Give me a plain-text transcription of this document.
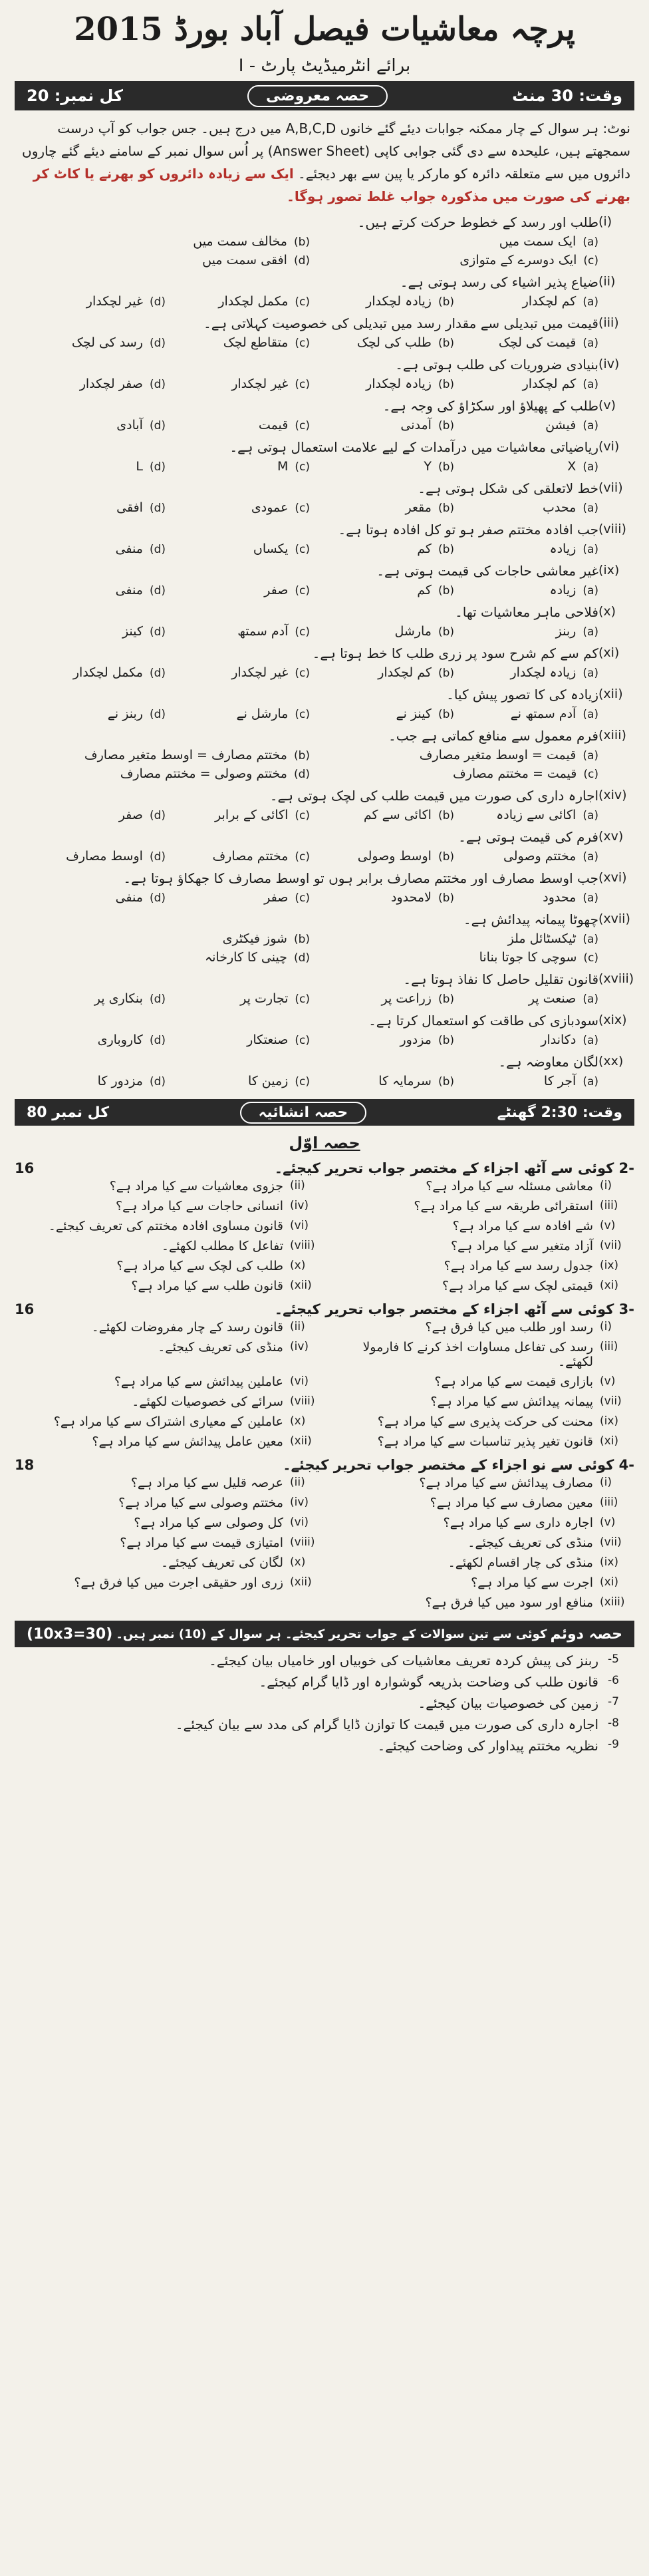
پرچہ معاشیات فیصل آباد بورڈ 2015
برائے انٹرمیڈیٹ پارٹ - I
وقت: 30 منٹ
حصہ معروضی
کل نمبر: 20
نوٹ: ہر سوال کے چار ممکنہ جوابات دیئے گئے خانوں A,B,C,D میں درج ہیں۔ جس جواب کو آپ درست سمجھتے ہیں، علیحدہ سے دی گئی جوابی کاپی (Answer Sheet) پر اُس سوال نمبر کے سامنے دیئے گئے چاروں دائروں میں سے متعلقہ دائرہ کو مارکر یا پین سے بھر دیجئے۔ ایک سے زیادہ دائروں کو بھرنے یا کاٹ کر بھرنے کی صورت میں مذکورہ جواب غلط تصور ہوگا۔
(i)
طلب اور رسد کے خطوط حرکت کرتے ہیں۔
(a)
ایک سمت میں
(b)
مخالف سمت میں
(c)
ایک دوسرے کے متوازی
(d)
افقی سمت میں
(ii)
ضیاع پذیر اشیاء کی رسد ہوتی ہے۔
(a)
کم لچکدار
(b)
زیادہ لچکدار
(c)
مکمل لچکدار
(d)
غیر لچکدار
(iii)
قیمت میں تبدیلی سے مقدار رسد میں تبدیلی کی خصوصیت کہلاتی ہے۔
(a)
قیمت کی لچک
(b)
طلب کی لچک
(c)
متقاطع لچک
(d)
رسد کی لچک
(iv)
بنیادی ضروریات کی طلب ہوتی ہے۔
(a)
کم لچکدار
(b)
زیادہ لچکدار
(c)
غیر لچکدار
(d)
صفر لچکدار
(v)
طلب کے پھیلاؤ اور سکڑاؤ کی وجہ ہے۔
(a)
فیشن
(b)
آمدنی
(c)
قیمت
(d)
آبادی
(vi)
ریاضیاتی معاشیات میں درآمدات کے لیے علامت استعمال ہوتی ہے۔
(a)
X
(b)
Y
(c)
M
(d)
L
(vii)
خط لاتعلقی کی شکل ہوتی ہے۔
(a)
محدب
(b)
مقعر
(c)
عمودی
(d)
افقی
(viii)
جب افادہ مختتم صفر ہو تو کل افادہ ہوتا ہے۔
(a)
زیادہ
(b)
کم
(c)
یکساں
(d)
منفی
(ix)
غیر معاشی حاجات کی قیمت ہوتی ہے۔
(a)
زیادہ
(b)
کم
(c)
صفر
(d)
منفی
(x)
فلاحی ماہر معاشیات تھا۔
(a)
ربنز
(b)
مارشل
(c)
آدم سمتھ
(d)
کینز
(xi)
کم سے کم شرح سود پر زری طلب کا خط ہوتا ہے۔
(a)
زیادہ لچکدار
(b)
کم لچکدار
(c)
غیر لچکدار
(d)
مکمل لچکدار
(xii)
زیادہ کی کا تصور پیش کیا۔
(a)
آدم سمتھ نے
(b)
کینز نے
(c)
مارشل نے
(d)
ربنز نے
(xiii)
فرم معمول سے منافع کماتی ہے جب۔
(a)
قیمت = اوسط متغیر مصارف
(b)
مختتم مصارف = اوسط متغیر مصارف
(c)
قیمت = مختتم مصارف
(d)
مختتم وصولی = مختتم مصارف
(xiv)
اجارہ داری کی صورت میں قیمت طلب کی لچک ہوتی ہے۔
(a)
اکائی سے زیادہ
(b)
اکائی سے کم
(c)
اکائی کے برابر
(d)
صفر
(xv)
فرم کی قیمت ہوتی ہے۔
(a)
مختتم وصولی
(b)
اوسط وصولی
(c)
مختتم مصارف
(d)
اوسط مصارف
(xvi)
جب اوسط مصارف اور مختتم مصارف برابر ہوں تو اوسط مصارف کا جھکاؤ ہوتا ہے۔
(a)
محدود
(b)
لامحدود
(c)
صفر
(d)
منفی
(xvii)
چھوٹا پیمانہ پیدائش ہے۔
(a)
ٹیکسٹائل ملز
(b)
شوز فیکٹری
(c)
سوچی کا جوتا بنانا
(d)
چینی کا کارخانہ
(xviii)
قانون تقلیل حاصل کا نفاذ ہوتا ہے۔
(a)
صنعت پر
(b)
زراعت پر
(c)
تجارت پر
(d)
بنکاری پر
(xix)
سودبازی کی طاقت کو استعمال کرتا ہے۔
(a)
دکاندار
(b)
مزدور
(c)
صنعتکار
(d)
کاروباری
(xx)
لگان معاوضہ ہے۔
(a)
آجر کا
(b)
سرمایہ کا
(c)
زمین کا
(d)
مزدور کا
وقت: 2:30 گھنٹے
حصہ انشائیہ
کل نمبر 80
حصہ اوّل
-2 کوئی سے آٹھ اجزاء کے مختصر جواب تحریر کیجئے۔
16
(i)
معاشی مسئلہ سے کیا مراد ہے؟
(ii)
جزوی معاشیات سے کیا مراد ہے؟
(iii)
استقرائی طریقہ سے کیا مراد ہے؟
(iv)
انسانی حاجات سے کیا مراد ہے؟
(v)
شے افادہ سے کیا مراد ہے؟
(vi)
قانون مساوی افادہ مختتم کی تعریف کیجئے۔
(vii)
آزاد متغیر سے کیا مراد ہے؟
(viii)
تفاعل کا مطلب لکھئے۔
(ix)
جدول رسد سے کیا مراد ہے؟
(x)
طلب کی لچک سے کیا مراد ہے؟
(xi)
قیمتی لچک سے کیا مراد ہے؟
(xii)
قانون طلب سے کیا مراد ہے؟
-3 کوئی سے آٹھ اجزاء کے مختصر جواب تحریر کیجئے۔
16
(i)
رسد اور طلب میں کیا فرق ہے؟
(ii)
قانون رسد کے چار مفروضات لکھئے۔
(iii)
رسد کی تفاعل مساوات اخذ کرنے کا فارمولا لکھئے۔
(iv)
منڈی کی تعریف کیجئے۔
(v)
بازاری قیمت سے کیا مراد ہے؟
(vi)
عاملین پیدائش سے کیا مراد ہے؟
(vii)
پیمانہ پیدائش سے کیا مراد ہے؟
(viii)
سرائے کی خصوصیات لکھئے۔
(ix)
محنت کی حرکت پذیری سے کیا مراد ہے؟
(x)
عاملین کے معیاری اشتراک سے کیا مراد ہے؟
(xi)
قانون تغیر پذیر تناسبات سے کیا مراد ہے؟
(xii)
معین عامل پیدائش سے کیا مراد ہے؟
-4 کوئی سے نو اجزاء کے مختصر جواب تحریر کیجئے۔
18
(i)
مصارف پیدائش سے کیا مراد ہے؟
(ii)
عرصہ قلیل سے کیا مراد ہے؟
(iii)
معین مصارف سے کیا مراد ہے؟
(iv)
مختتم وصولی سے کیا مراد ہے؟
(v)
اجارہ داری سے کیا مراد ہے؟
(vi)
کل وصولی سے کیا مراد ہے؟
(vii)
منڈی کی تعریف کیجئے۔
(viii)
امتیازی قیمت سے کیا مراد ہے؟
(ix)
منڈی کی چار اقسام لکھئے۔
(x)
لگان کی تعریف کیجئے۔
(xi)
اجرت سے کیا مراد ہے؟
(xii)
زری اور حقیقی اجرت میں کیا فرق ہے؟
(xiii)
منافع اور سود میں کیا فرق ہے؟
حصہ دوئم
کوئی سے تین سوالات کے جواب تحریر کیجئے۔ ہر سوال کے (10) نمبر ہیں۔
(10x3=30)
-5
ربنز کی پیش کردہ تعریف معاشیات کی خوبیاں اور خامیاں بیان کیجئے۔
-6
قانون طلب کی وضاحت بذریعہ گوشوارہ اور ڈایا گرام کیجئے۔
-7
زمین کی خصوصیات بیان کیجئے۔
-8
اجارہ داری کی صورت میں قیمت کا توازن ڈایا گرام کی مدد سے بیان کیجئے۔
-9
نظریہ مختتم پیداوار کی وضاحت کیجئے۔
